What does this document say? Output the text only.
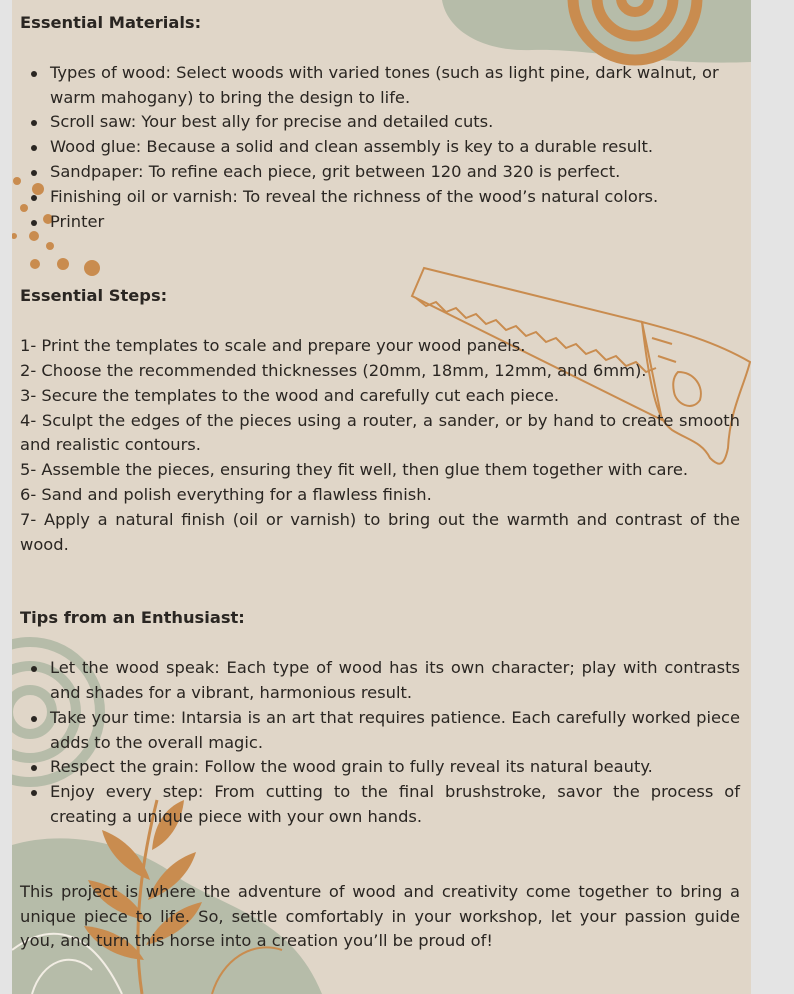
Essential Materials:
Types of wood: Select woods with varied tones (such as light pine, dark walnut, or warm mahogany) to bring the design to life.
Scroll saw: Your best ally for precise and detailed cuts.
Wood glue: Because a solid and clean assembly is key to a durable result.
Sandpaper: To refine each piece, grit between 120 and 320 is perfect.
Finishing oil or varnish: To reveal the richness of the wood’s natural colors.
Printer
Essential Steps:

1- Print the templates to scale and prepare your wood panels.

2- Choose the recommended thicknesses (20mm, 18mm, 12mm, and 6mm).

3- Secure the templates to the wood and carefully cut each piece.

4- Sculpt the edges of the pieces using a router, a sander, or by hand to create smooth and realistic contours.

5- Assemble the pieces, ensuring they fit well, then glue them together with care.

6- Sand and polish everything for a flawless finish.

7- Apply a natural finish (oil or varnish) to bring out the warmth and contrast of the wood.

Tips from an Enthusiast:
Let the wood speak: Each type of wood has its own character; play with contrasts and shades for a vibrant, harmonious result.
Take your time: Intarsia is an art that requires patience. Each carefully worked piece adds to the overall magic.
Respect the grain: Follow the wood grain to fully reveal its natural beauty.
Enjoy every step: From cutting to the final brushstroke, savor the process of creating a unique piece with your own hands.

This project is where the adventure of wood and creativity come together to bring a unique piece to life. So, settle comfortably in your workshop, let your passion guide you, and turn this horse into a creation you’ll be proud of!
